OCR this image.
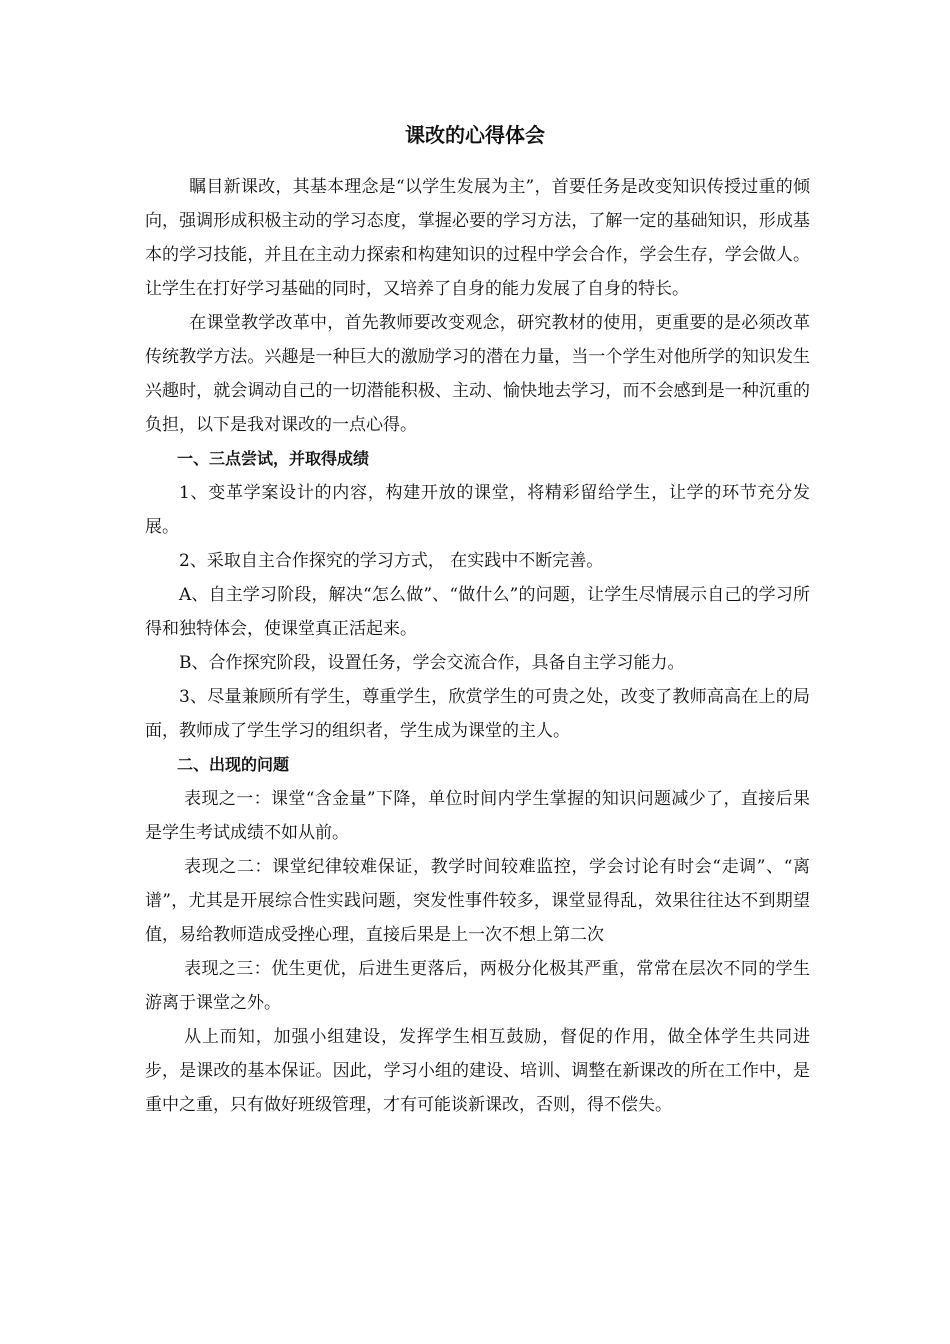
课改的心得体会

瞩目新课改，其基本理念是“以学生发展为主”，首要任务是改变知识传授过重的倾向，强调形成积极主动的学习态度，掌握必要的学习方法，了解一定的基础知识，形成基本的学习技能，并且在主动力探索和构建知识的过程中学会合作，学会生存，学会做人。让学生在打好学习基础的同时，又培养了自身的能力发展了自身的特长。

在课堂教学改革中，首先教师要改变观念，研究教材的使用，更重要的是必须改革传统教学方法。兴趣是一种巨大的激励学习的潜在力量，当一个学生对他所学的知识发生兴趣时，就会调动自己的一切潜能积极、主动、愉快地去学习，而不会感到是一种沉重的负担，以下是我对课改的一点心得。

一、三点尝试，并取得成绩

1、变革学案设计的内容，构建开放的课堂，将精彩留给学生，让学的环节充分发展。

2、采取自主合作探究的学习方式， 在实践中不断完善。

A、自主学习阶段，解决“怎么做”、“做什么”的问题，让学生尽情展示自己的学习所得和独特体会，使课堂真正活起来。

B、合作探究阶段，设置任务，学会交流合作，具备自主学习能力。

3、尽量兼顾所有学生，尊重学生，欣赏学生的可贵之处，改变了教师高高在上的局面，教师成了学生学习的组织者，学生成为课堂的主人。

二、出现的问题

表现之一：课堂“含金量”下降，单位时间内学生掌握的知识问题减少了，直接后果是学生考试成绩不如从前。

表现之二：课堂纪律较难保证，教学时间较难监控，学会讨论有时会“走调”、“离谱”，尤其是开展综合性实践问题，突发性事件较多，课堂显得乱，效果往往达不到期望值，易给教师造成受挫心理，直接后果是上一次不想上第二次

表现之三：优生更优，后进生更落后，两极分化极其严重，常常在层次不同的学生游离于课堂之外。

从上而知，加强小组建设，发挥学生相互鼓励，督促的作用，做全体学生共同进步，是课改的基本保证。因此，学习小组的建设、培训、调整在新课改的所在工作中，是重中之重，只有做好班级管理，才有可能谈新课改，否则，得不偿失。
